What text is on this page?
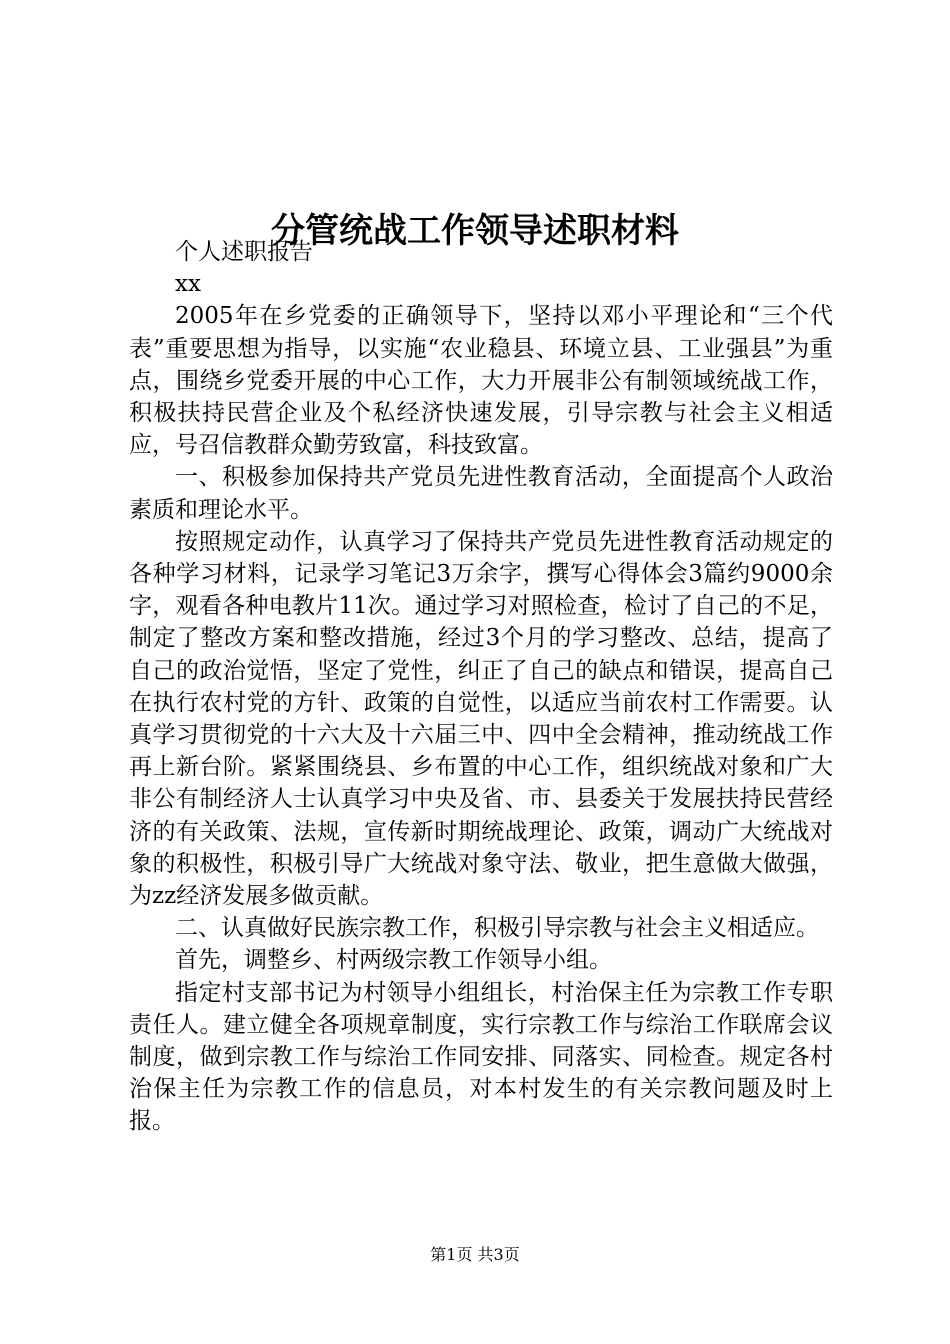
分管统战工作领导述职材料

个人述职报告

xx

2005年在乡党委的正确领导下，坚持以邓小平理论和“三个代表”重要思想为指导，以实施“农业稳县、环境立县、工业强县”为重点，围绕乡党委开展的中心工作，大力开展非公有制领域统战工作，积极扶持民营企业及个私经济快速发展，引导宗教与社会主义相适应，号召信教群众勤劳致富，科技致富。

一、积极参加保持共产党员先进性教育活动，全面提高个人政治素质和理论水平。

按照规定动作，认真学习了保持共产党员先进性教育活动规定的各种学习材料，记录学习笔记3万余字，撰写心得体会3篇约9000余字，观看各种电教片11次。通过学习对照检查，检讨了自己的不足，制定了整改方案和整改措施，经过3个月的学习整改、总结，提高了自己的政治觉悟，坚定了党性，纠正了自己的缺点和错误，提高自己在执行农村党的方针、政策的自觉性，以适应当前农村工作需要。认真学习贯彻党的十六大及十六届三中、四中全会精神，推动统战工作再上新台阶。紧紧围绕县、乡布置的中心工作，组织统战对象和广大非公有制经济人士认真学习中央及省、市、县委关于发展扶持民营经济的有关政策、法规，宣传新时期统战理论、政策，调动广大统战对象的积极性，积极引导广大统战对象守法、敬业，把生意做大做强，为zz经济发展多做贡献。

二、认真做好民族宗教工作，积极引导宗教与社会主义相适应。

首先，调整乡、村两级宗教工作领导小组。

指定村支部书记为村领导小组组长，村治保主任为宗教工作专职责任人。建立健全各项规章制度，实行宗教工作与综治工作联席会议制度，做到宗教工作与综治工作同安排、同落实、同检查。规定各村治保主任为宗教工作的信息员，对本村发生的有关宗教问题及时上报。

第1页 共3页
